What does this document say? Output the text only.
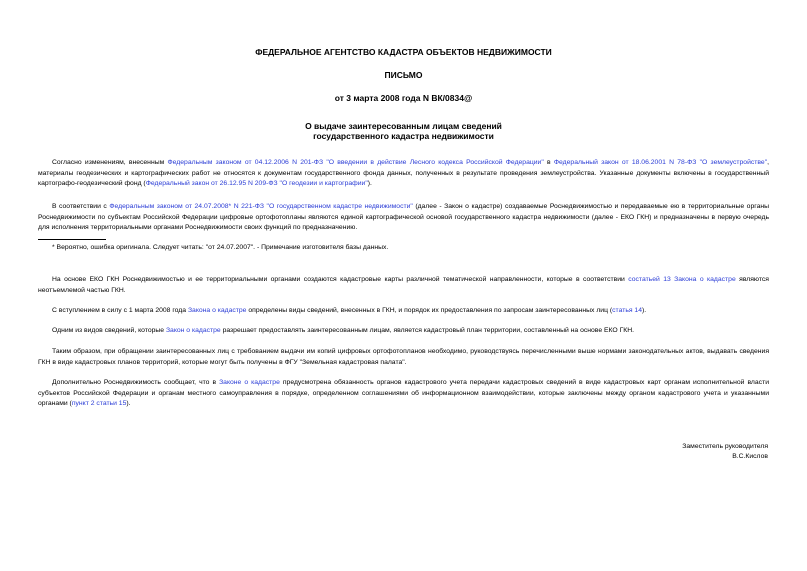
ФЕДЕРАЛЬНОЕ АГЕНТСТВО КАДАСТРА ОБЪЕКТОВ НЕДВИЖИМОСТИ
ПИСЬМО
от 3 марта 2008 года N ВК/0834@
О выдаче заинтересованным лицам сведений
государственного кадастра недвижимости
Согласно изменениям, внесенным Федеральным законом от 04.12.2006 N 201-ФЗ "О введении в действие Лесного кодекса Российской Федерации" в Федеральный закон от 18.06.2001 N 78-ФЗ "О землеустройстве", материалы геодезических и картографических работ не относятся к документам государственного фонда данных, полученных в результате проведения землеустройства. Указанные документы включены в государственный картографо-геодезический фонд (Федеральный закон от 26.12.95 N 209-ФЗ "О геодезии и картографии").
В соответствии с Федеральным законом от 24.07.2008* N 221-ФЗ "О государственном кадастре недвижимости" (далее - Закон о кадастре) создаваемые Роснедвижимостью и передаваемые ею в территориальные органы Роснедвижимости по субъектам Российской Федерации цифровые ортофотопланы являются единой картографической основой государственного кадастра недвижимости (далее - ЕКО ГКН) и предназначены в первую очередь для исполнения территориальными органами Роснедвижимости своих функций по предназначению.
* Вероятно, ошибка оригинала. Следует читать: "от 24.07.2007". - Примечание изготовителя базы данных.
На основе ЕКО ГКН Роснедвижимостью и ее территориальными органами создаются кадастровые карты различной тематической направленности, которые в соответствии состатьей 13 Закона о кадастре являются неотъемлемой частью ГКН.
С вступлением в силу с 1 марта 2008 года Закона о кадастре определены виды сведений, внесенных в ГКН, и порядок их предоставления по запросам заинтересованных лиц (статья 14).
Одним из видов сведений, которые Закон о кадастре разрешает предоставлять заинтересованным лицам, является кадастровый план территории, составленный на основе ЕКО ГКН.
Таким образом, при обращении заинтересованных лиц с требованием выдачи им копий цифровых ортофотопланов необходимо, руководствуясь перечисленными выше нормами законодательных актов, выдавать сведения ГКН в виде кадастровых планов территорий, которые могут быть получены в ФГУ "Земельная кадастровая палата".
Дополнительно Роснедвижимость сообщает, что в Законе о кадастре предусмотрена обязанность органов кадастрового учета передачи кадастровых сведений в виде кадастровых карт органам исполнительной власти субъектов Российской Федерации и органам местного самоуправления в порядке, определенном соглашениями об информационном взаимодействии, которые заключены между органом кадастрового учета и указанными органами (пункт 2 статьи 15).
Заместитель руководителя
В.С.Кислов
